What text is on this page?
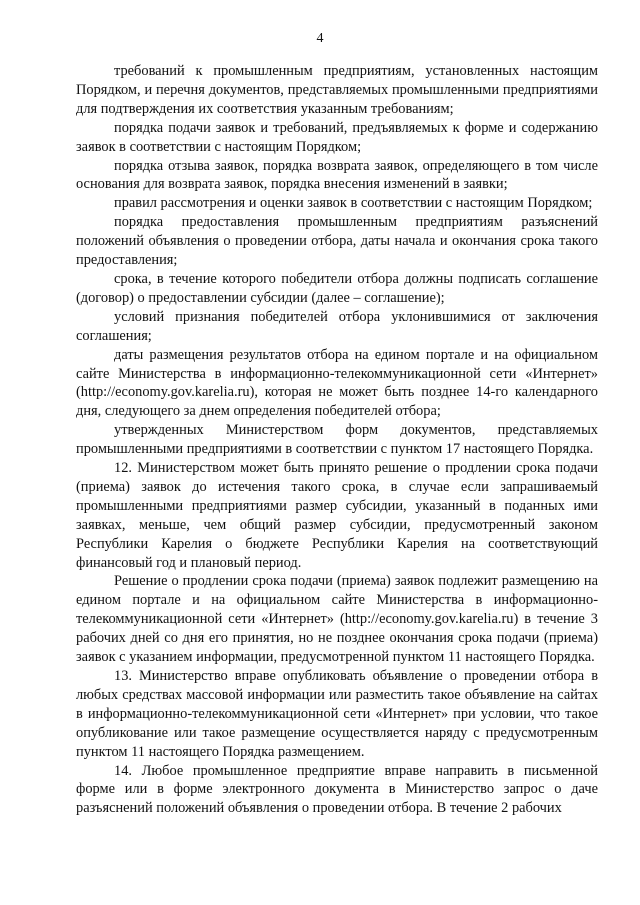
4

требований к промышленным предприятиям, установленных настоящим Порядком, и перечня документов, представляемых промышленными предприятиями для подтверждения их соответствия указанным требованиям;

порядка подачи заявок и требований, предъявляемых к форме и содержанию заявок в соответствии с настоящим Порядком;

порядка отзыва заявок, порядка возврата заявок, определяющего в том числе основания для возврата заявок, порядка внесения изменений в заявки;

правил рассмотрения и оценки заявок в соответствии с настоящим Порядком;

порядка предоставления промышленным предприятиям разъяснений положений объявления о проведении отбора, даты начала и окончания срока такого предоставления;

срока, в течение которого победители отбора должны подписать соглашение (договор) о предоставлении субсидии (далее – соглашение);

условий признания победителей отбора уклонившимися от заключения соглашения;

даты размещения результатов отбора на едином портале и на официальном сайте Министерства в информационно-телекоммуникационной сети «Интернет» (http://economy.gov.karelia.ru), которая не может быть позднее 14-го календарного дня, следующего за днем определения победителей отбора;

утвержденных Министерством форм документов, представляемых промышленными предприятиями в соответствии с пунктом 17 настоящего Порядка.

12. Министерством может быть принято решение о продлении срока подачи (приема) заявок до истечения такого срока, в случае если запрашиваемый промышленными предприятиями размер субсидии, указанный в поданных ими заявках, меньше, чем общий размер субсидии, предусмотренный законом Республики Карелия о бюджете Республики Карелия на соответствующий финансовый год и плановый период.

Решение о продлении срока подачи (приема) заявок подлежит размещению на едином портале и на официальном сайте Министерства в информационно-телекоммуникационной сети «Интернет» (http://economy.gov.karelia.ru) в течение 3 рабочих дней со дня его принятия, но не позднее окончания срока подачи (приема) заявок с указанием информации, предусмотренной пунктом 11 настоящего Порядка.

13. Министерство вправе опубликовать объявление о проведении отбора в любых средствах массовой информации или разместить такое объявление на сайтах в информационно-телекоммуникационной сети «Интернет» при условии, что такое опубликование или такое размещение осуществляется наряду с предусмотренным пунктом 11 настоящего Порядка размещением.

14. Любое промышленное предприятие вправе направить в письменной форме или в форме электронного документа в Министерство запрос о даче разъяснений положений объявления о проведении отбора. В течение 2 рабочих
